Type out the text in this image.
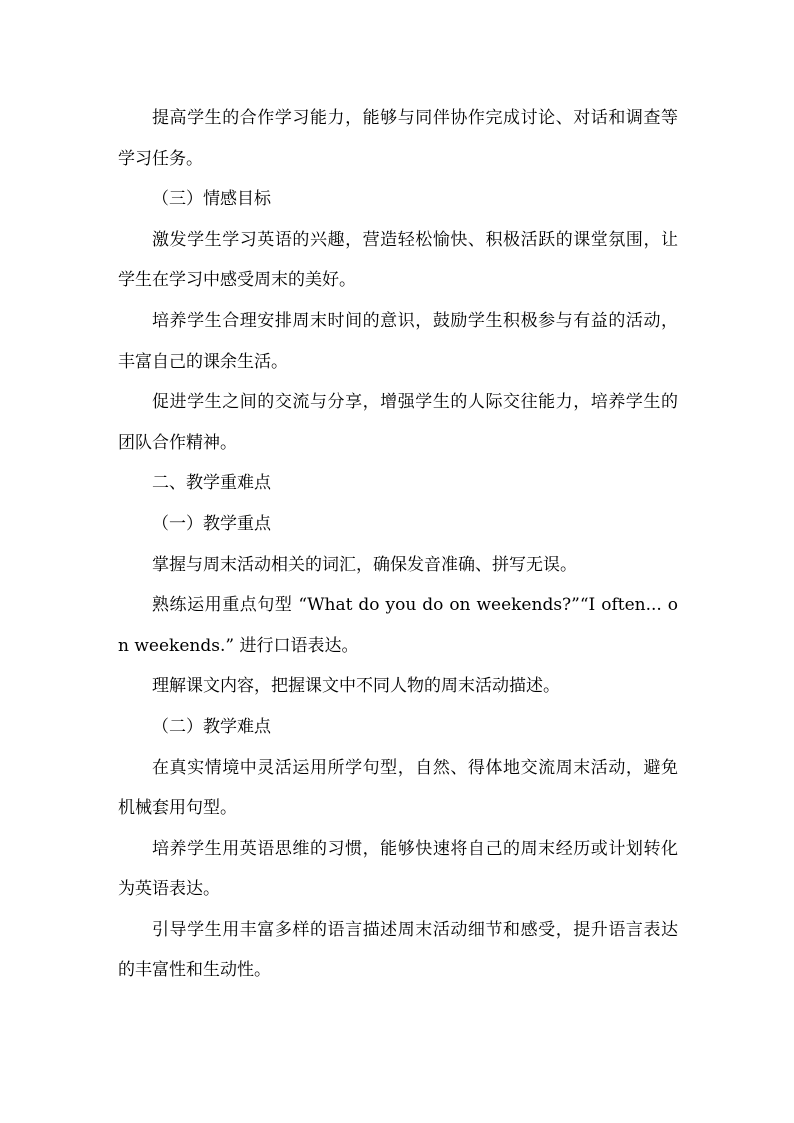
提高学生的合作学习能力，能够与同伴协作完成讨论、对话和调查等学习任务。

（三）情感目标

激发学生学习英语的兴趣，营造轻松愉快、积极活跃的课堂氛围，让学生在学习中感受周末的美好。

培养学生合理安排周末时间的意识，鼓励学生积极参与有益的活动，丰富自己的课余生活。

促进学生之间的交流与分享，增强学生的人际交往能力，培养学生的团队合作精神。

二、教学重难点

（一）教学重点

掌握与周末活动相关的词汇，确保发音准确、拼写无误。

熟练运用重点句型 “What do you do on weekends?”“I often... on weekends.” 进行口语表达。

理解课文内容，把握课文中不同人物的周末活动描述。

（二）教学难点

在真实情境中灵活运用所学句型，自然、得体地交流周末活动，避免机械套用句型。

培养学生用英语思维的习惯，能够快速将自己的周末经历或计划转化为英语表达。

引导学生用丰富多样的语言描述周末活动细节和感受，提升语言表达的丰富性和生动性。
